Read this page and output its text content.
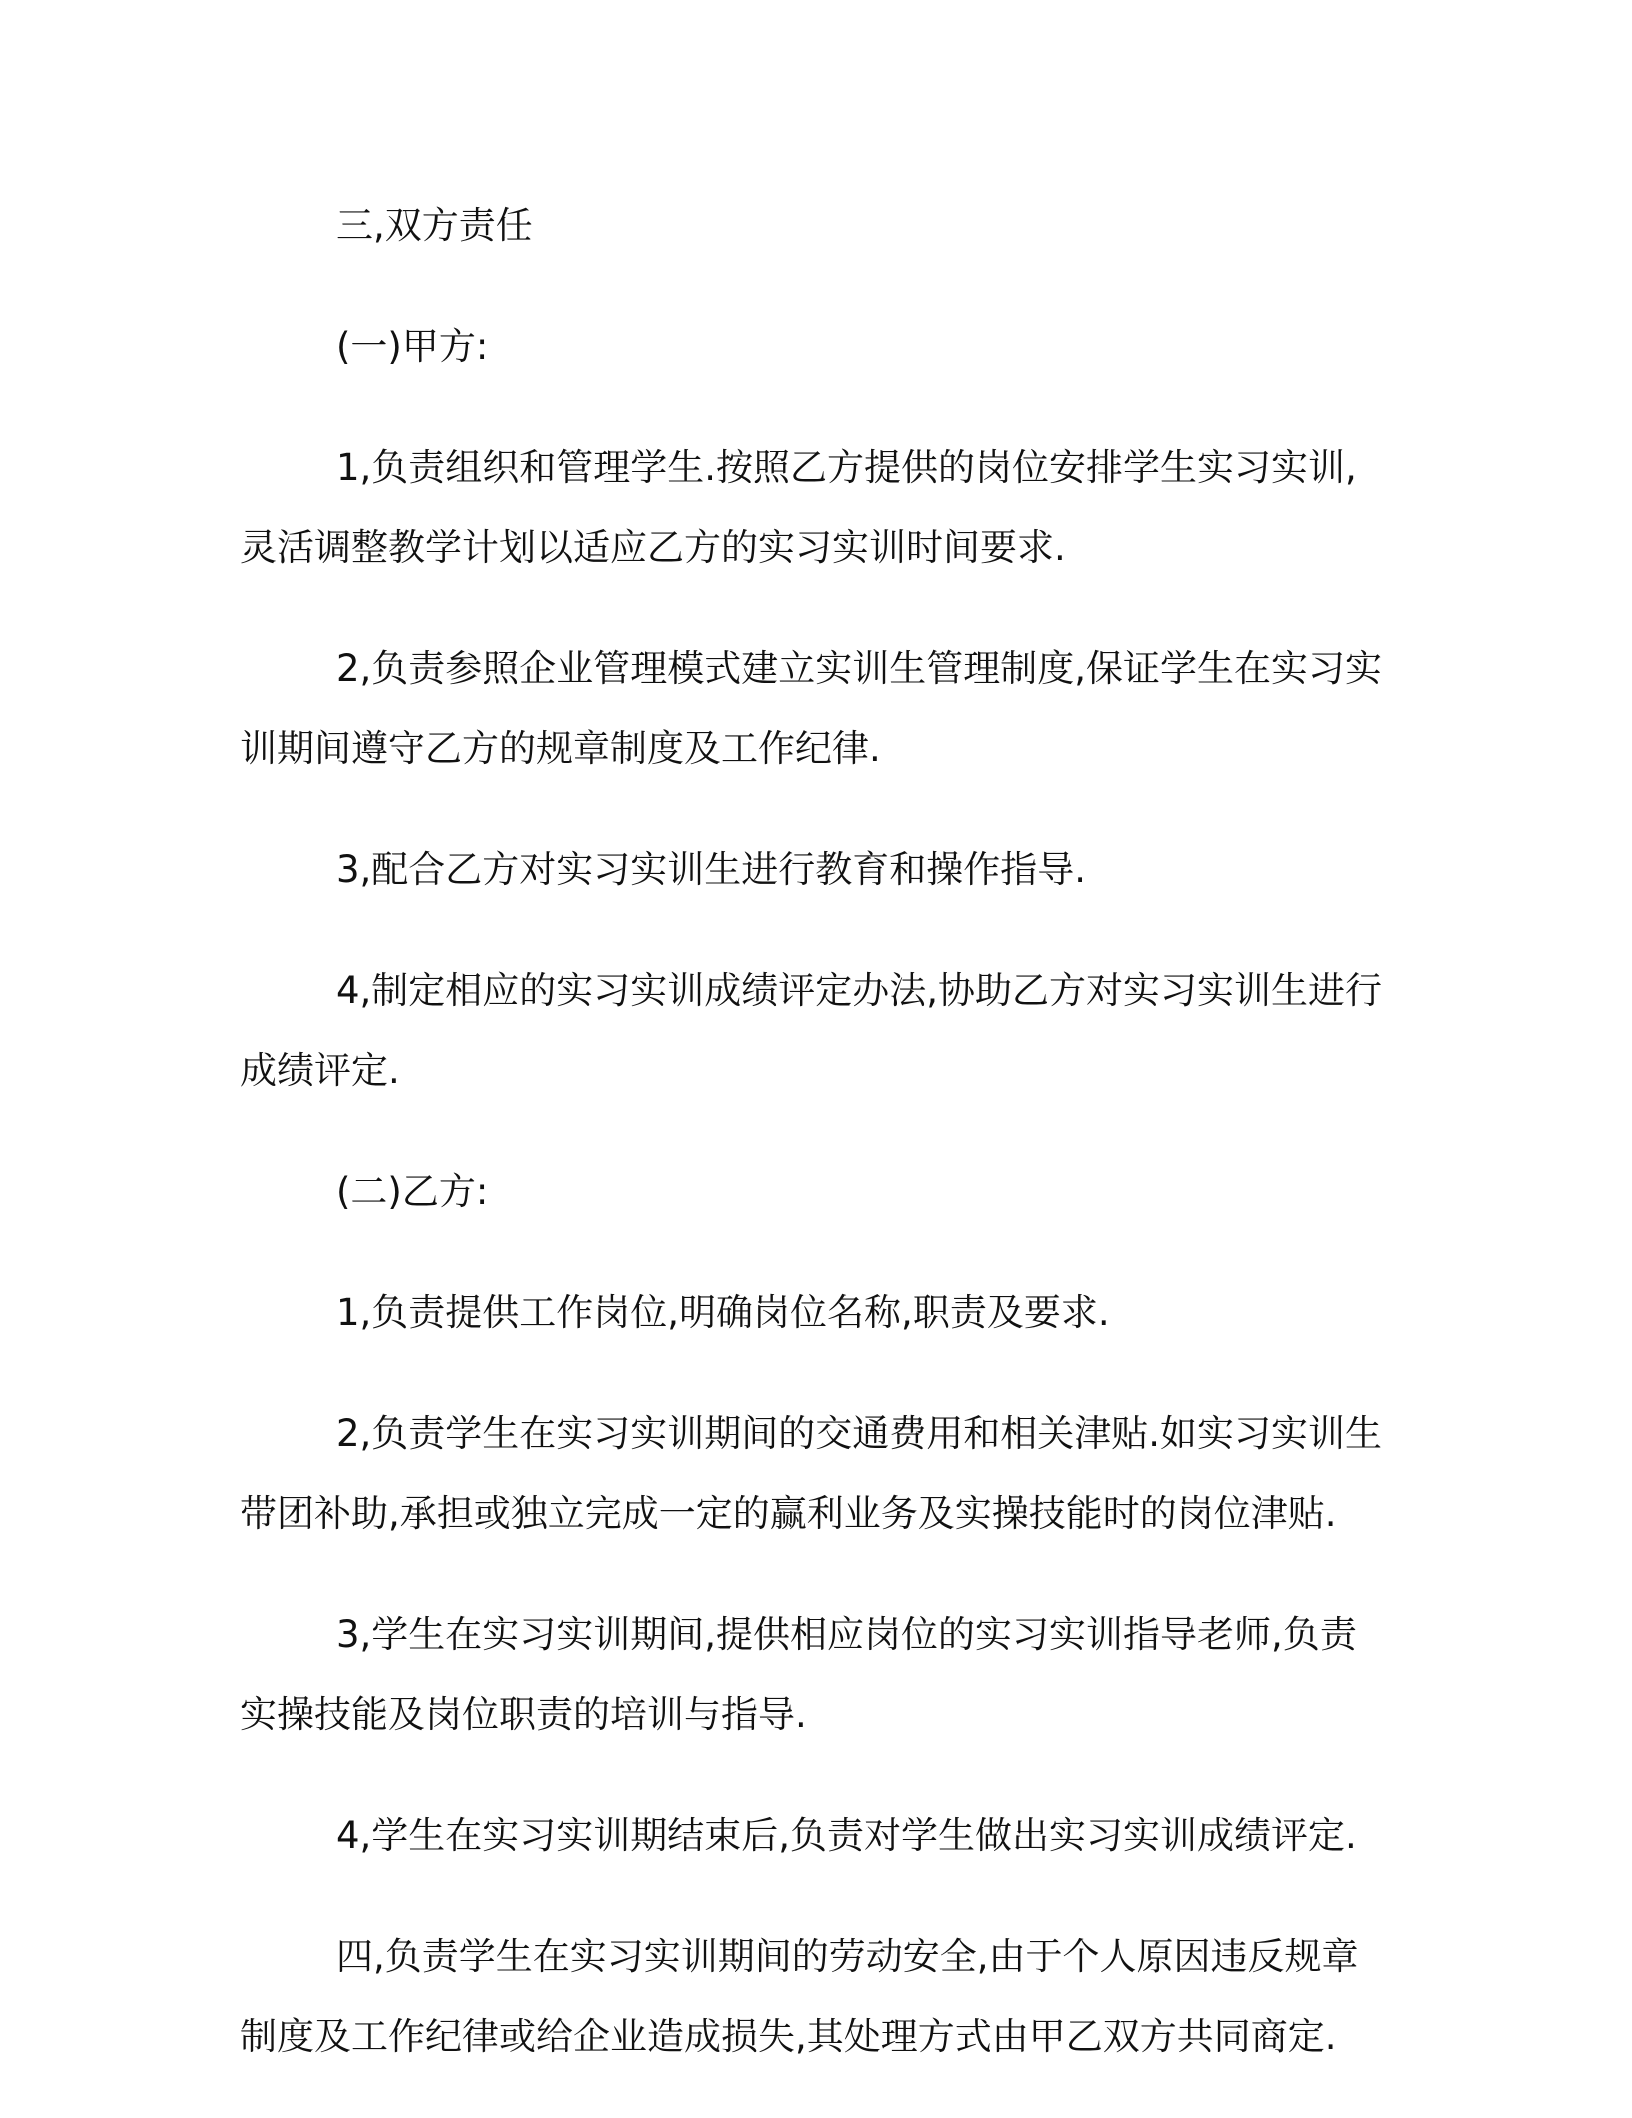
三,双方责任

(一)甲方:

1,负责组织和管理学生.按照乙方提供的岗位安排学生实习实训,
灵活调整教学计划以适应乙方的实习实训时间要求.

2,负责参照企业管理模式建立实训生管理制度,保证学生在实习实
训期间遵守乙方的规章制度及工作纪律.

3,配合乙方对实习实训生进行教育和操作指导.

4,制定相应的实习实训成绩评定办法,协助乙方对实习实训生进行
成绩评定.

(二)乙方:

1,负责提供工作岗位,明确岗位名称,职责及要求.

2,负责学生在实习实训期间的交通费用和相关津贴.如实习实训生
带团补助,承担或独立完成一定的赢利业务及实操技能时的岗位津贴.

3,学生在实习实训期间,提供相应岗位的实习实训指导老师,负责
实操技能及岗位职责的培训与指导.

4,学生在实习实训期结束后,负责对学生做出实习实训成绩评定.

四,负责学生在实习实训期间的劳动安全,由于个人原因违反规章
制度及工作纪律或给企业造成损失,其处理方式由甲乙双方共同商定.
